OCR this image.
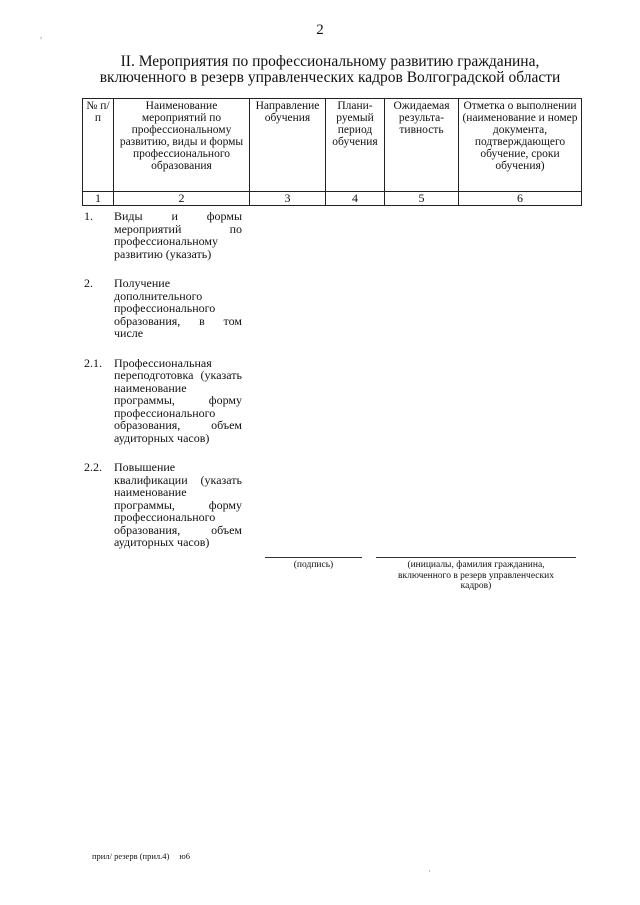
2
II. Мероприятия по профессиональному развитию гражданина,
включенного в резерв управленческих кадров Волгоградской области
№ п/п	Наименование мероприятий по профессиональному развитию, виды и формы профессионального образования	Направление обучения	Плани- руемый период обучения	Ожидаемая результа- тивность	Отметка о выполнении (наименование и номер документа, подтверждающего обучение, сроки обучения)
1	2	3	4	5	6
1.	Виды и формы мероприятий по профессиональному развитию (указать)
2.	Получение дополнительного профессионального образования, в том числе
2.1.	Профессиональная переподготовка (указать наименование программы, форму профессионального образования, объем аудиторных часов)
2.2.	Повышение квалификации (указать наименование программы, форму профессионального образования, объем аудиторных часов)
(подпись)	(инициалы, фамилия гражданина, включенного в резерв управленческих кадров)
,
·
прил/ резерв (прил.4) ю6
